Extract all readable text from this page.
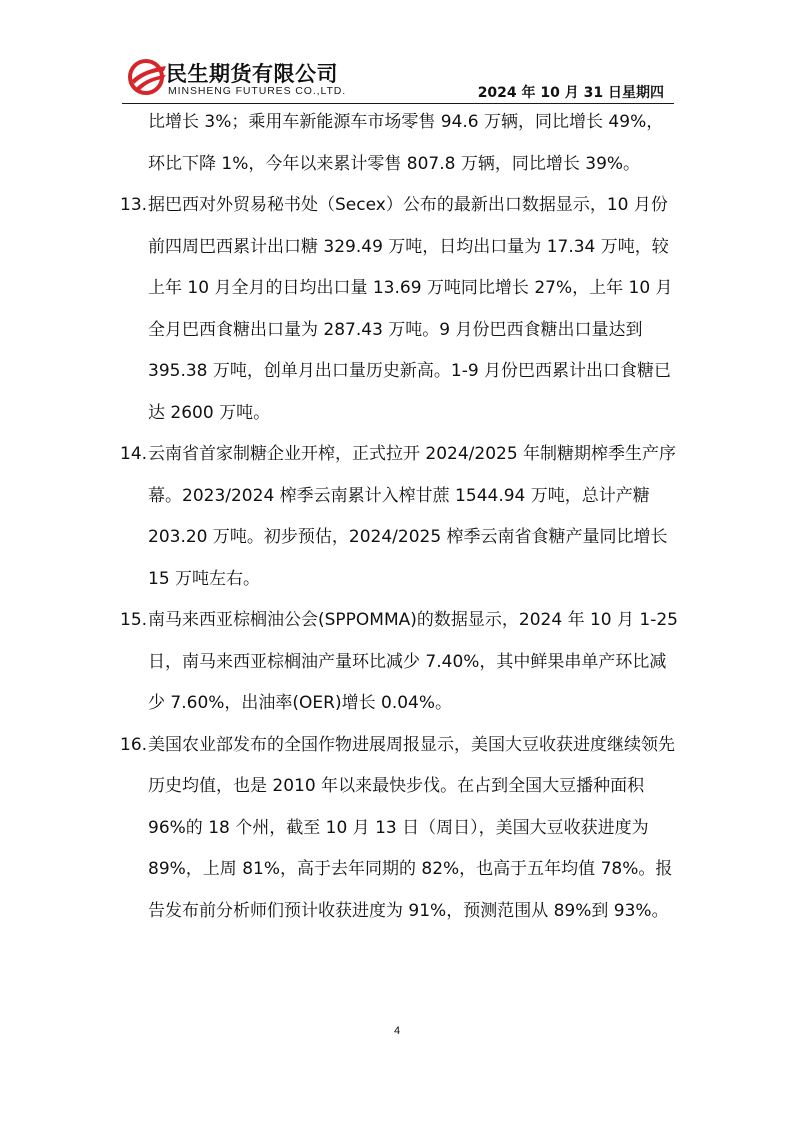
民生期货有限公司
MINSHENG FUTURES CO.,LTD.	2024 年 10 月 31 日星期四
比增长 3%；乘用车新能源车市场零售 94.6 万辆，同比增长 49%，环比下降 1%，今年以来累计零售 807.8 万辆，同比增长 39%。
13. 据巴西对外贸易秘书处（Secex）公布的最新出口数据显示，10 月份前四周巴西累计出口糖 329.49 万吨，日均出口量为 17.34 万吨，较上年 10 月全月的日均出口量 13.69 万吨同比增长 27%，上年 10 月全月巴西食糖出口量为 287.43 万吨。9 月份巴西食糖出口量达到 395.38 万吨，创单月出口量历史新高。1-9 月份巴西累计出口食糖已达 2600 万吨。
14. 云南省首家制糖企业开榨，正式拉开 2024/2025 年制糖期榨季生产序幕。2023/2024 榨季云南累计入榨甘蔗 1544.94 万吨，总计产糖 203.20 万吨。初步预估，2024/2025 榨季云南省食糖产量同比增长 15 万吨左右。
15. 南马来西亚棕榈油公会(SPPOMMA)的数据显示，2024 年 10 月 1-25 日，南马来西亚棕榈油产量环比减少 7.40%，其中鲜果串单产环比减少 7.60%，出油率(OER)增长 0.04%。
16. 美国农业部发布的全国作物进展周报显示，美国大豆收获进度继续领先历史均值，也是 2010 年以来最快步伐。在占到全国大豆播种面积 96%的 18 个州，截至 10 月 13 日（周日），美国大豆收获进度为 89%，上周 81%，高于去年同期的 82%，也高于五年均值 78%。报告发布前分析师们预计收获进度为 91%，预测范围从 89%到 93%。
4
